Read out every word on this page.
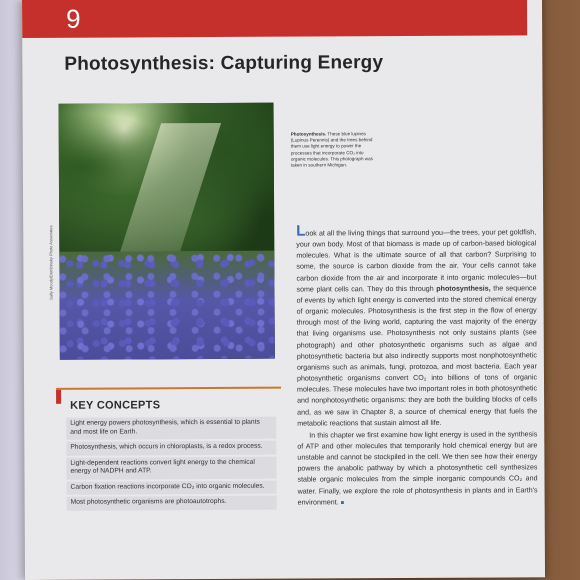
9
Photosynthesis: Capturing Energy
Sally Moody/Dembinsky Photo Associates
Photosynthesis. These blue lupines (Lupinus Perennis) and the trees behind them use light energy to power the processes that incorporate CO₂ into organic molecules. This photograph was taken in southern Michigan.

Look at all the living things that surround you—the trees, your pet goldfish, your own body. Most of that biomass is made up of carbon-based biological molecules. What is the ultimate source of all that carbon? Surprising to some, the source is carbon dioxide from the air. Your cells cannot take carbon dioxide from the air and incorporate it into organic molecules—but some plant cells can. They do this through photosynthesis, the sequence of events by which light energy is converted into the stored chemical energy of organic molecules. Photosynthesis is the first step in the flow of energy through most of the living world, capturing the vast majority of the energy that living organisms use. Photosynthesis not only sustains plants (see photograph) and other photosynthetic organisms such as algae and photosynthetic bacteria but also indirectly supports most nonphotosynthetic organisms such as animals, fungi, protozoa, and most bacteria. Each year photosynthetic organisms convert CO₂ into billions of tons of organic molecules. These molecules have two important roles in both photosynthetic and nonphotosynthetic organisms: they are both the building blocks of cells and, as we saw in Chapter 8, a source of chemical energy that fuels the metabolic reactions that sustain almost all life.

In this chapter we first examine how light energy is used in the synthesis of ATP and other molecules that temporarily hold chemical energy but are unstable and cannot be stockpiled in the cell. We then see how their energy powers the anabolic pathway by which a photosynthetic cell synthesizes stable organic molecules from the simple inorganic compounds CO₂ and water. Finally, we explore the role of photosynthesis in plants and in Earth's environment. ■

KEY CONCEPTS
Light energy powers photosynthesis, which is essential to plants and most life on Earth.
Photosynthesis, which occurs in chloroplasts, is a redox process.
Light-dependent reactions convert light energy to the chemical energy of NADPH and ATP.
Carbon fixation reactions incorporate CO₂ into organic molecules.
Most photosynthetic organisms are photoautotrophs.
